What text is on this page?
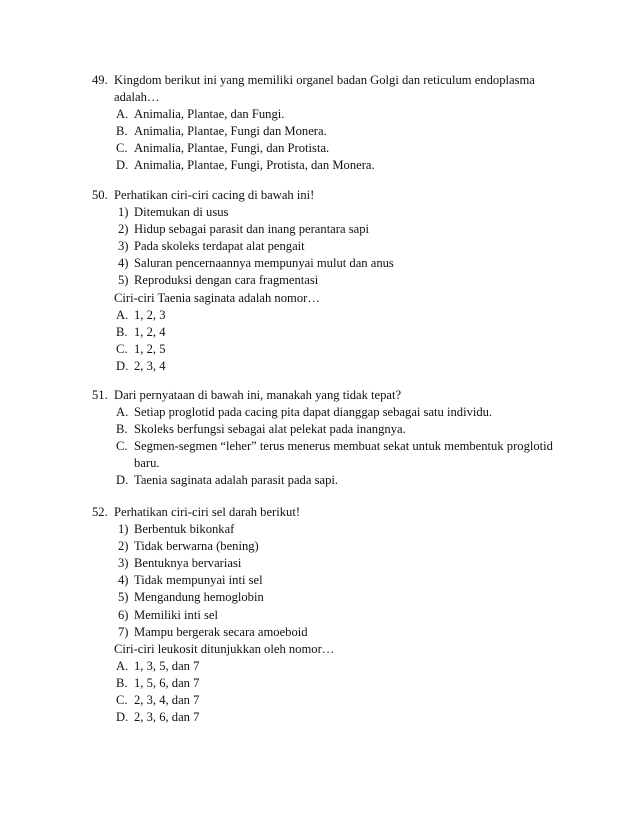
49. Kingdom berikut ini yang memiliki organel badan Golgi dan reticulum endoplasma
adalah…
A. Animalia, Plantae, dan Fungi.
B. Animalia, Plantae, Fungi dan Monera.
C. Animalia, Plantae, Fungi, dan Protista.
D. Animalia, Plantae, Fungi, Protista, dan Monera.
50. Perhatikan ciri-ciri cacing di bawah ini!
1) Ditemukan di usus
2) Hidup sebagai parasit dan inang perantara sapi
3) Pada skoleks terdapat alat pengait
4) Saluran pencernaannya mempunyai mulut dan anus
5) Reproduksi dengan cara fragmentasi
Ciri-ciri Taenia saginata adalah nomor…
A. 1, 2, 3
B. 1, 2, 4
C. 1, 2, 5
D. 2, 3, 4
51. Dari pernyataan di bawah ini, manakah yang tidak tepat?
A. Setiap proglotid pada cacing pita dapat dianggap sebagai satu individu.
B. Skoleks berfungsi sebagai alat pelekat pada inangnya.
C. Segmen-segmen “leher” terus menerus membuat sekat untuk membentuk proglotid
baru.
D. Taenia saginata adalah parasit pada sapi.
52. Perhatikan ciri-ciri sel darah berikut!
1) Berbentuk bikonkaf
2) Tidak berwarna (bening)
3) Bentuknya bervariasi
4) Tidak mempunyai inti sel
5) Mengandung hemoglobin
6) Memiliki inti sel
7) Mampu bergerak secara amoeboid
Ciri-ciri leukosit ditunjukkan oleh nomor…
A. 1, 3, 5, dan 7
B. 1, 5, 6, dan 7
C. 2, 3, 4, dan 7
D. 2, 3, 6, dan 7
